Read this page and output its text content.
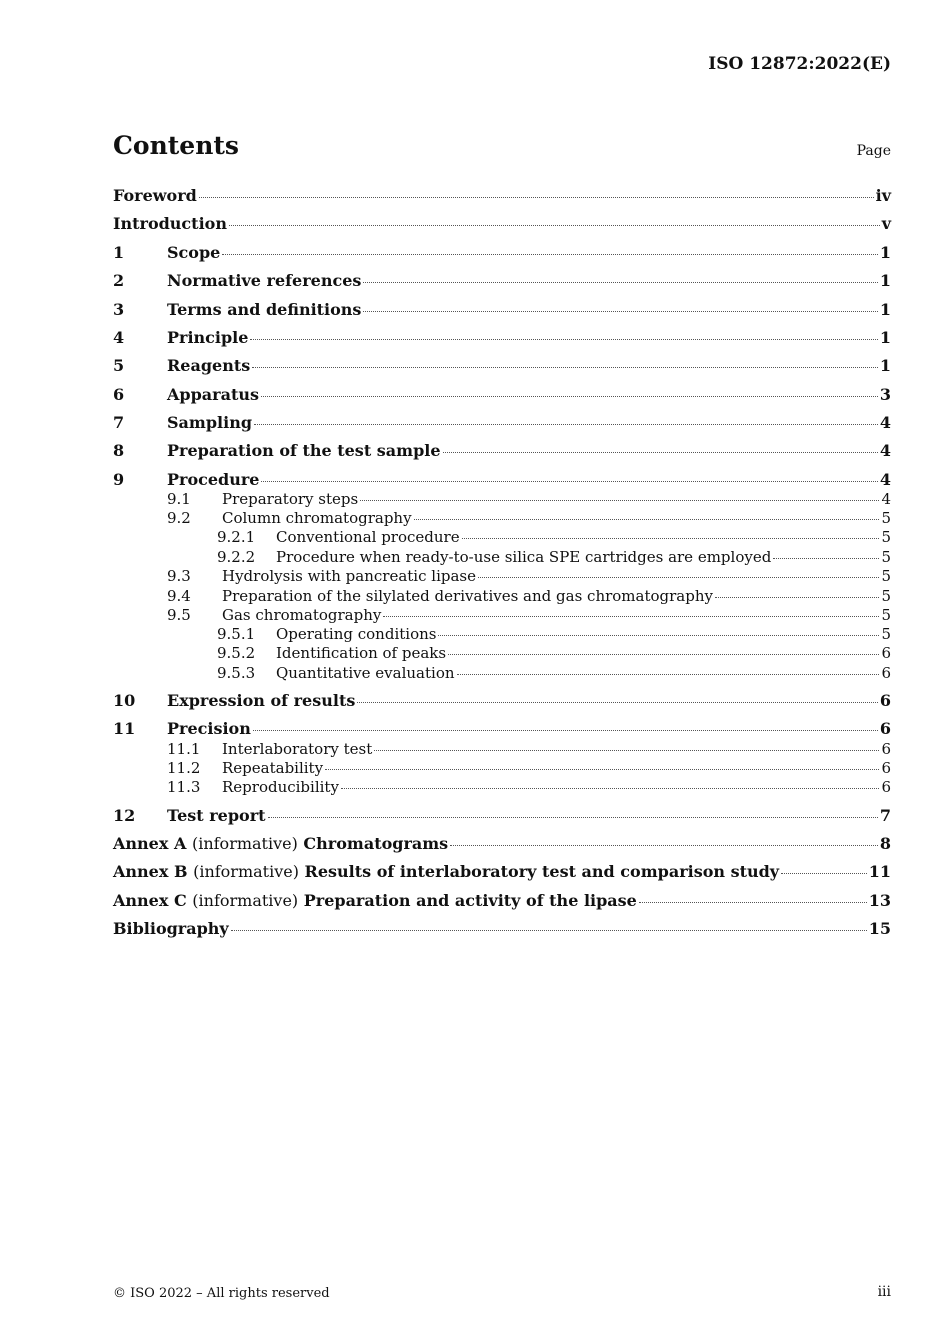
ISO 12872:2022(E)
Contents	Page
Foreword	iv
Introduction	v
1	Scope	1
2	Normative references	1
3	Terms and definitions	1
4	Principle	1
5	Reagents	1
6	Apparatus	3
7	Sampling	4
8	Preparation of the test sample	4
9	Procedure	4
9.1	Preparatory steps	4
9.2	Column chromatography	5
9.2.1	Conventional procedure	5
9.2.2	Procedure when ready-to-use silica SPE cartridges are employed	5
9.3	Hydrolysis with pancreatic lipase	5
9.4	Preparation of the silylated derivatives and gas chromatography	5
9.5	Gas chromatography	5
9.5.1	Operating conditions	5
9.5.2	Identification of peaks	6
9.5.3	Quantitative evaluation	6
10	Expression of results	6
11	Precision	6
11.1	Interlaboratory test	6
11.2	Repeatability	6
11.3	Reproducibility	6
12	Test report	7
Annex A (informative) Chromatograms	8
Annex B (informative) Results of interlaboratory test and comparison study	11
Annex C (informative) Preparation and activity of the lipase	13
Bibliography	15
© ISO 2022 – All rights reserved	iii
